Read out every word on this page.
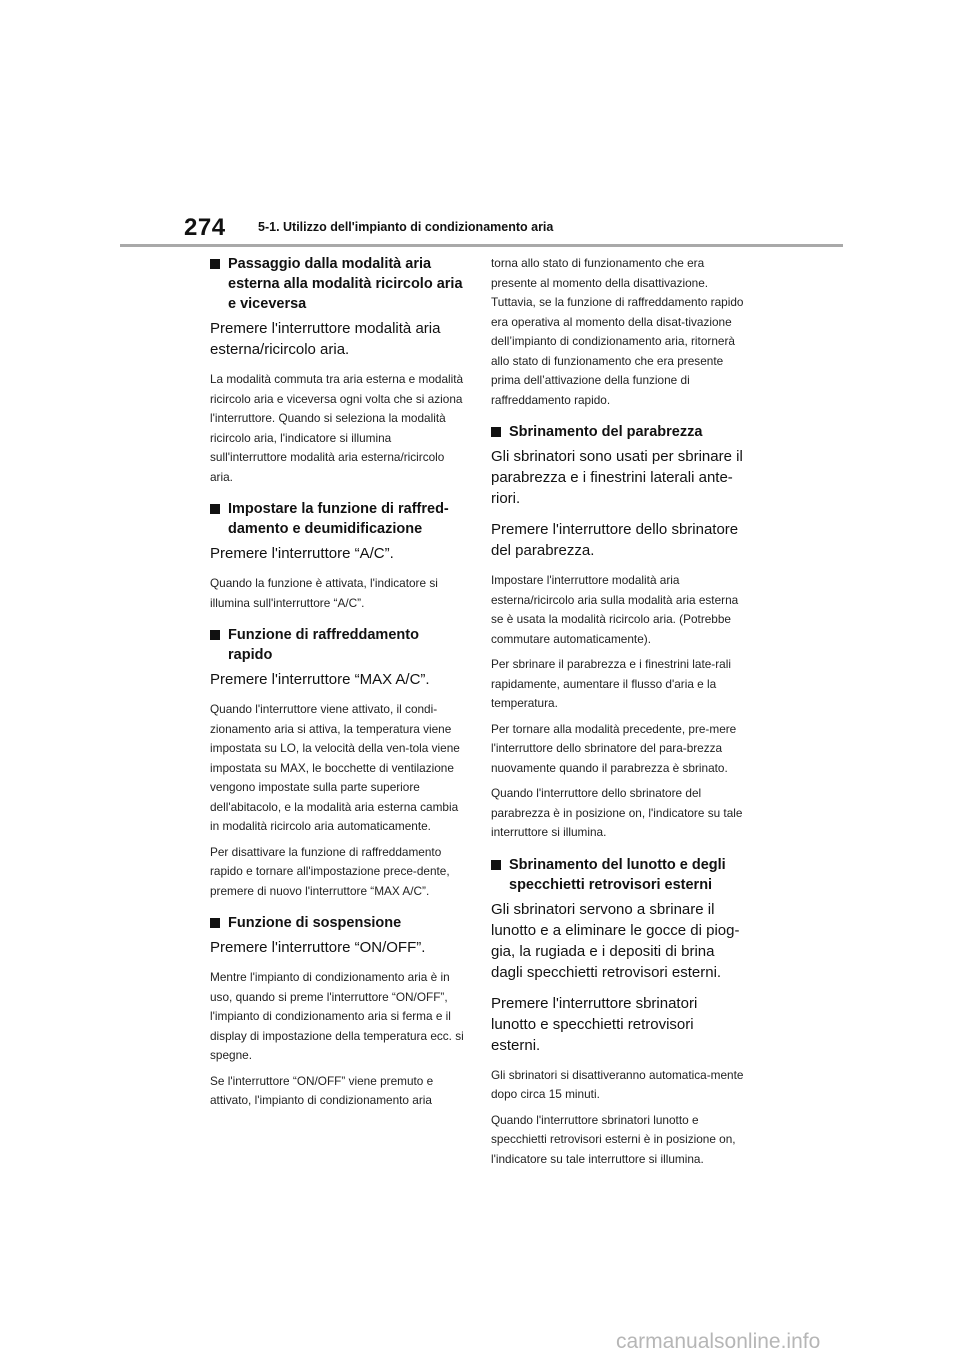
274	5-1. Utilizzo dell'impianto di condizionamento aria
Passaggio dalla modalità aria esterna alla modalità ricircolo aria e viceversa

Premere l'interruttore modalità aria esterna/ricircolo aria.

La modalità commuta tra aria esterna e modalità ricircolo aria e viceversa ogni volta che si aziona l'interruttore. Quando si seleziona la modalità ricircolo aria, l'indicatore si illumina sull'interruttore modalità aria esterna/ricircolo aria.

Impostare la funzione di raffred-damento e deumidificazione

Premere l'interruttore “A/C”.

Quando la funzione è attivata, l'indicatore si illumina sull'interruttore “A/C”.

Funzione di raffreddamento rapido

Premere l'interruttore “MAX A/C”.

Quando l'interruttore viene attivato, il condi-zionamento aria si attiva, la temperatura viene impostata su LO, la velocità della ven-tola viene impostata su MAX, le bocchette di ventilazione vengono impostate sulla parte superiore dell'abitacolo, e la modalità aria esterna cambia in modalità ricircolo aria automaticamente.

Per disattivare la funzione di raffreddamento rapido e tornare all'impostazione prece-dente, premere di nuovo l'interruttore “MAX A/C”.

Funzione di sospensione

Premere l'interruttore “ON/OFF”.

Mentre l'impianto di condizionamento aria è in uso, quando si preme l'interruttore “ON/OFF”, l'impianto di condizionamento aria si ferma e il display di impostazione della temperatura ecc. si spegne.

Se l'interruttore “ON/OFF” viene premuto e attivato, l'impianto di condizionamento aria

torna allo stato di funzionamento che era presente al momento della disattivazione. Tuttavia, se la funzione di raffreddamento rapido era operativa al momento della disat-tivazione dell’impianto di condizionamento aria, ritornerà allo stato di funzionamento che era presente prima dell’attivazione della funzione di raffreddamento rapido.

Sbrinamento del parabrezza

Gli sbrinatori sono usati per sbrinare il parabrezza e i finestrini laterali ante-riori.

Premere l'interruttore dello sbrinatore del parabrezza.

Impostare l'interruttore modalità aria esterna/ricircolo aria sulla modalità aria esterna se è usata la modalità ricircolo aria. (Potrebbe commutare automaticamente).

Per sbrinare il parabrezza e i finestrini late-rali rapidamente, aumentare il flusso d'aria e la temperatura.

Per tornare alla modalità precedente, pre-mere l'interruttore dello sbrinatore del para-brezza nuovamente quando il parabrezza è sbrinato.

Quando l'interruttore dello sbrinatore del parabrezza è in posizione on, l'indicatore su tale interruttore si illumina.

Sbrinamento del lunotto e degli specchietti retrovisori esterni

Gli sbrinatori servono a sbrinare il lunotto e a eliminare le gocce di piog-gia, la rugiada e i depositi di brina dagli specchietti retrovisori esterni.

Premere l'interruttore sbrinatori lunotto e specchietti retrovisori esterni.

Gli sbrinatori si disattiveranno automatica-mente dopo circa 15 minuti.

Quando l'interruttore sbrinatori lunotto e specchietti retrovisori esterni è in posizione on, l'indicatore su tale interruttore si illumina.

carmanualsonline.info
